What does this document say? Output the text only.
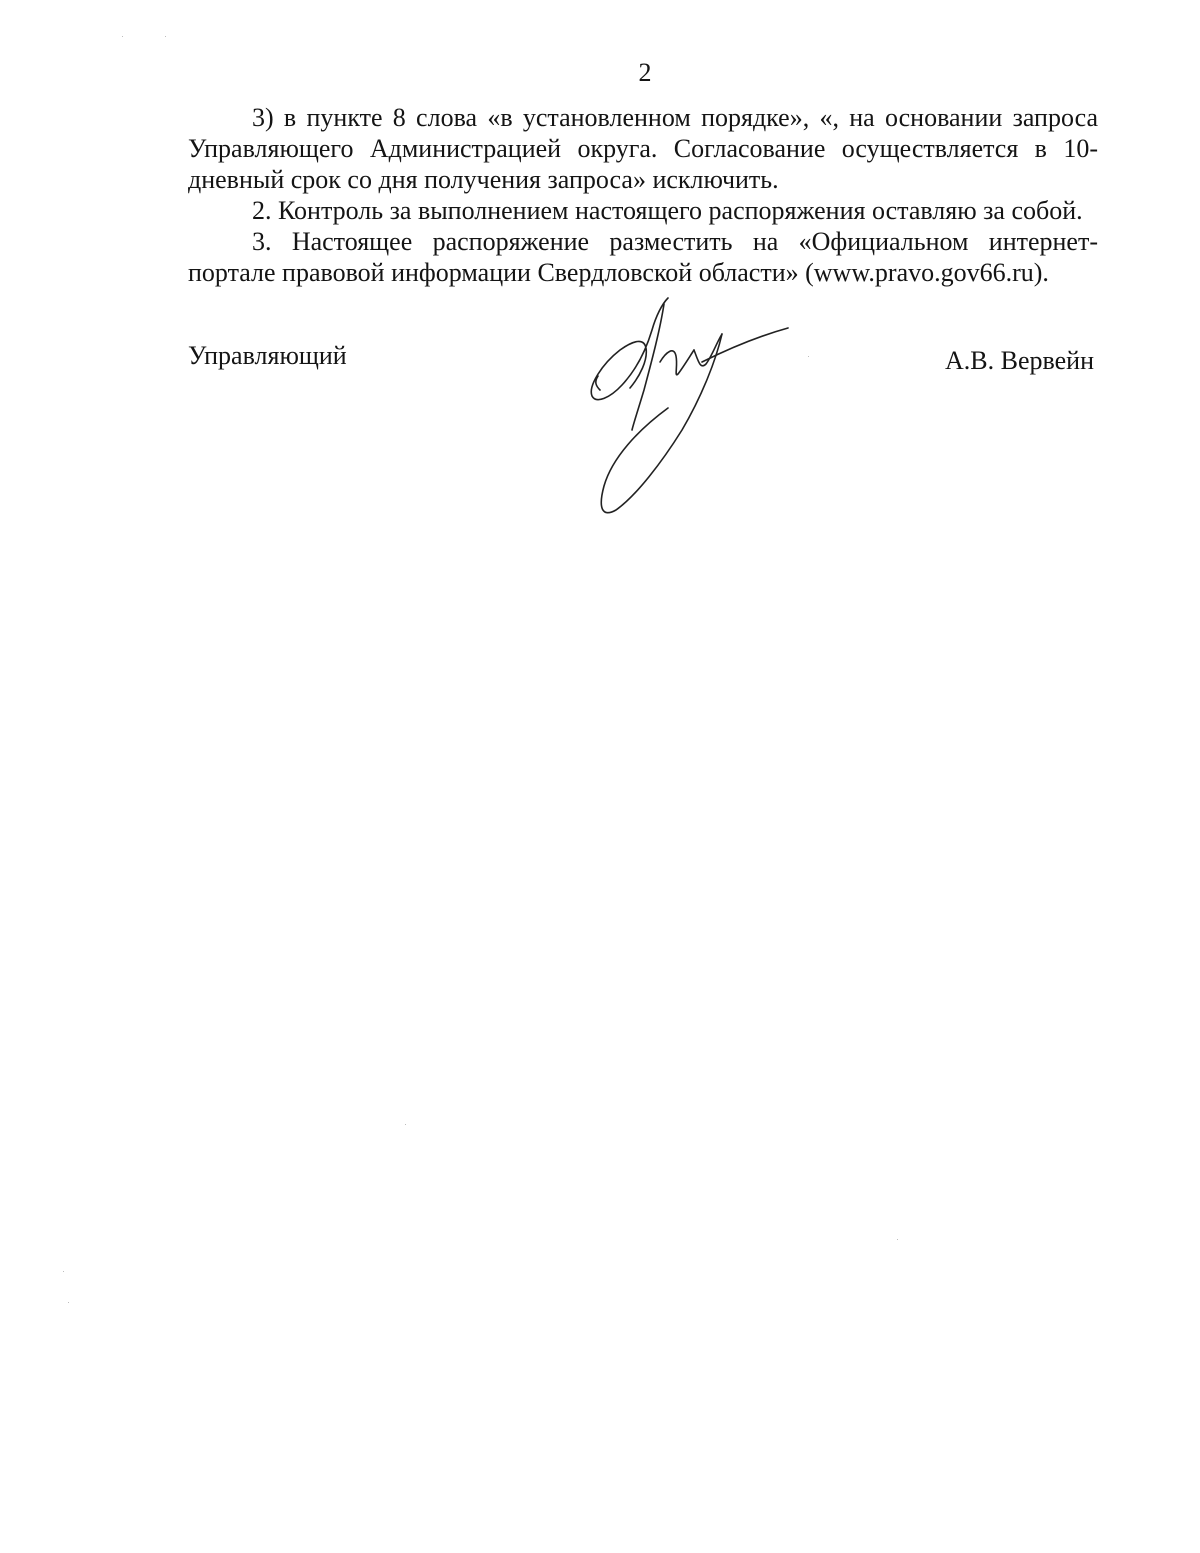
2

3) в пункте 8 слова «в установленном порядке», «, на основании запроса Управляющего Администрацией округа. Согласование осуществляется в 10-дневный срок со дня получения запроса» исключить.

2. Контроль за выполнением настоящего распоряжения оставляю за собой.

3. Настоящее распоряжение разместить на «Официальном интернет-портале правовой информации Свердловской области» (www.pravo.gov66.ru).

Управляющий	А.В. Вервейн
